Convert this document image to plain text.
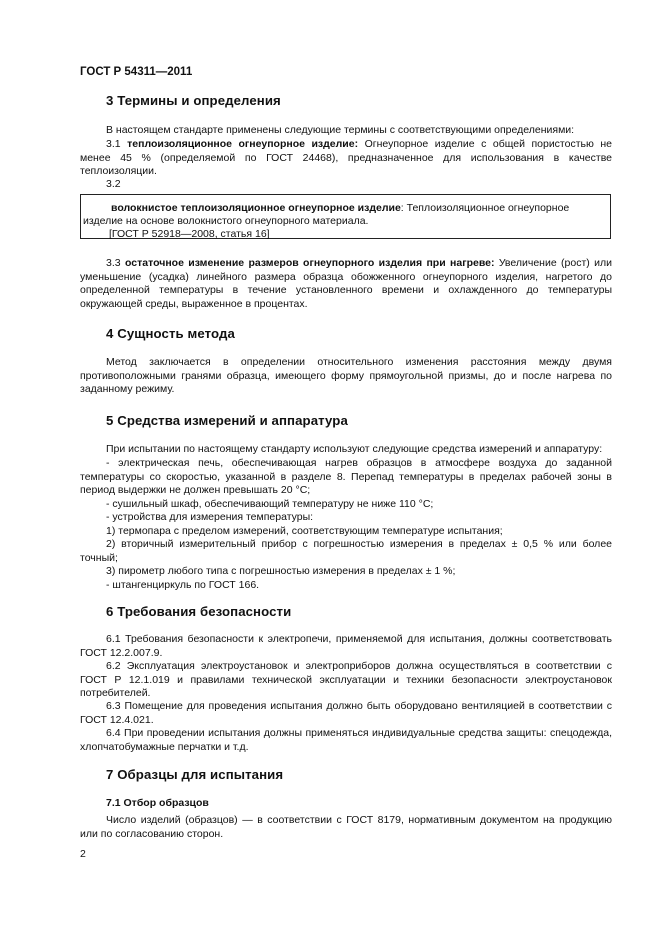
ГОСТ Р 54311—2011
3 Термины и определения
В настоящем стандарте применены следующие термины с соответствующими определениями:
3.1 теплоизоляционное огнеупорное изделие: Огнеупорное изделие с общей пористостью не менее 45 % (определяемой по ГОСТ 24468), предназначенное для использования в качестве теплоизоляции.
3.2
волокнистое теплоизоляционное огнеупорное изделие: Теплоизоляционное огнеупорное
изделие на основе волокнистого огнеупорного материала.
[ГОСТ Р 52918—2008, статья 16]
3.3 остаточное изменение размеров огнеупорного изделия при нагреве: Увеличение (рост) или уменьшение (усадка) линейного размера образца обожженного огнеупорного изделия, нагретого до определенной температуры в течение установленного времени и охлажденного до температуры окружающей среды, выраженное в процентах.
4 Сущность метода
Метод заключается в определении относительного изменения расстояния между двумя противоположными гранями образца, имеющего форму прямоугольной призмы, до и после нагрева по заданному режиму.
5 Средства измерений и аппаратура
При испытании по настоящему стандарту используют следующие средства измерений и аппаратуру:
- электрическая печь, обеспечивающая нагрев образцов в атмосфере воздуха до заданной температуры со скоростью, указанной в разделе 8. Перепад температуры в пределах рабочей зоны в период выдержки не должен превышать 20 °С;
- сушильный шкаф, обеспечивающий температуру не ниже 110 °С;
- устройства для измерения температуры:
1) термопара с пределом измерений, соответствующим температуре испытания;
2) вторичный измерительный прибор с погрешностью измерения в пределах ± 0,5 % или более точный;
3) пирометр любого типа с погрешностью измерения в пределах ± 1 %;
- штангенциркуль по ГОСТ 166.
6 Требования безопасности
6.1 Требования безопасности к электропечи, применяемой для испытания, должны соответствовать ГОСТ 12.2.007.9.
6.2 Эксплуатация электроустановок и электроприборов должна осуществляться в соответствии с ГОСТ Р 12.1.019 и правилами технической эксплуатации и техники безопасности электроустановок потребителей.
6.3 Помещение для проведения испытания должно быть оборудовано вентиляцией в соответствии с ГОСТ 12.4.021.
6.4 При проведении испытания должны применяться индивидуальные средства защиты: спецодежда, хлопчатобумажные перчатки и т.д.
7 Образцы для испытания
7.1 Отбор образцов
Число изделий (образцов) — в соответствии с ГОСТ 8179, нормативным документом на продукцию или по согласованию сторон.
2
